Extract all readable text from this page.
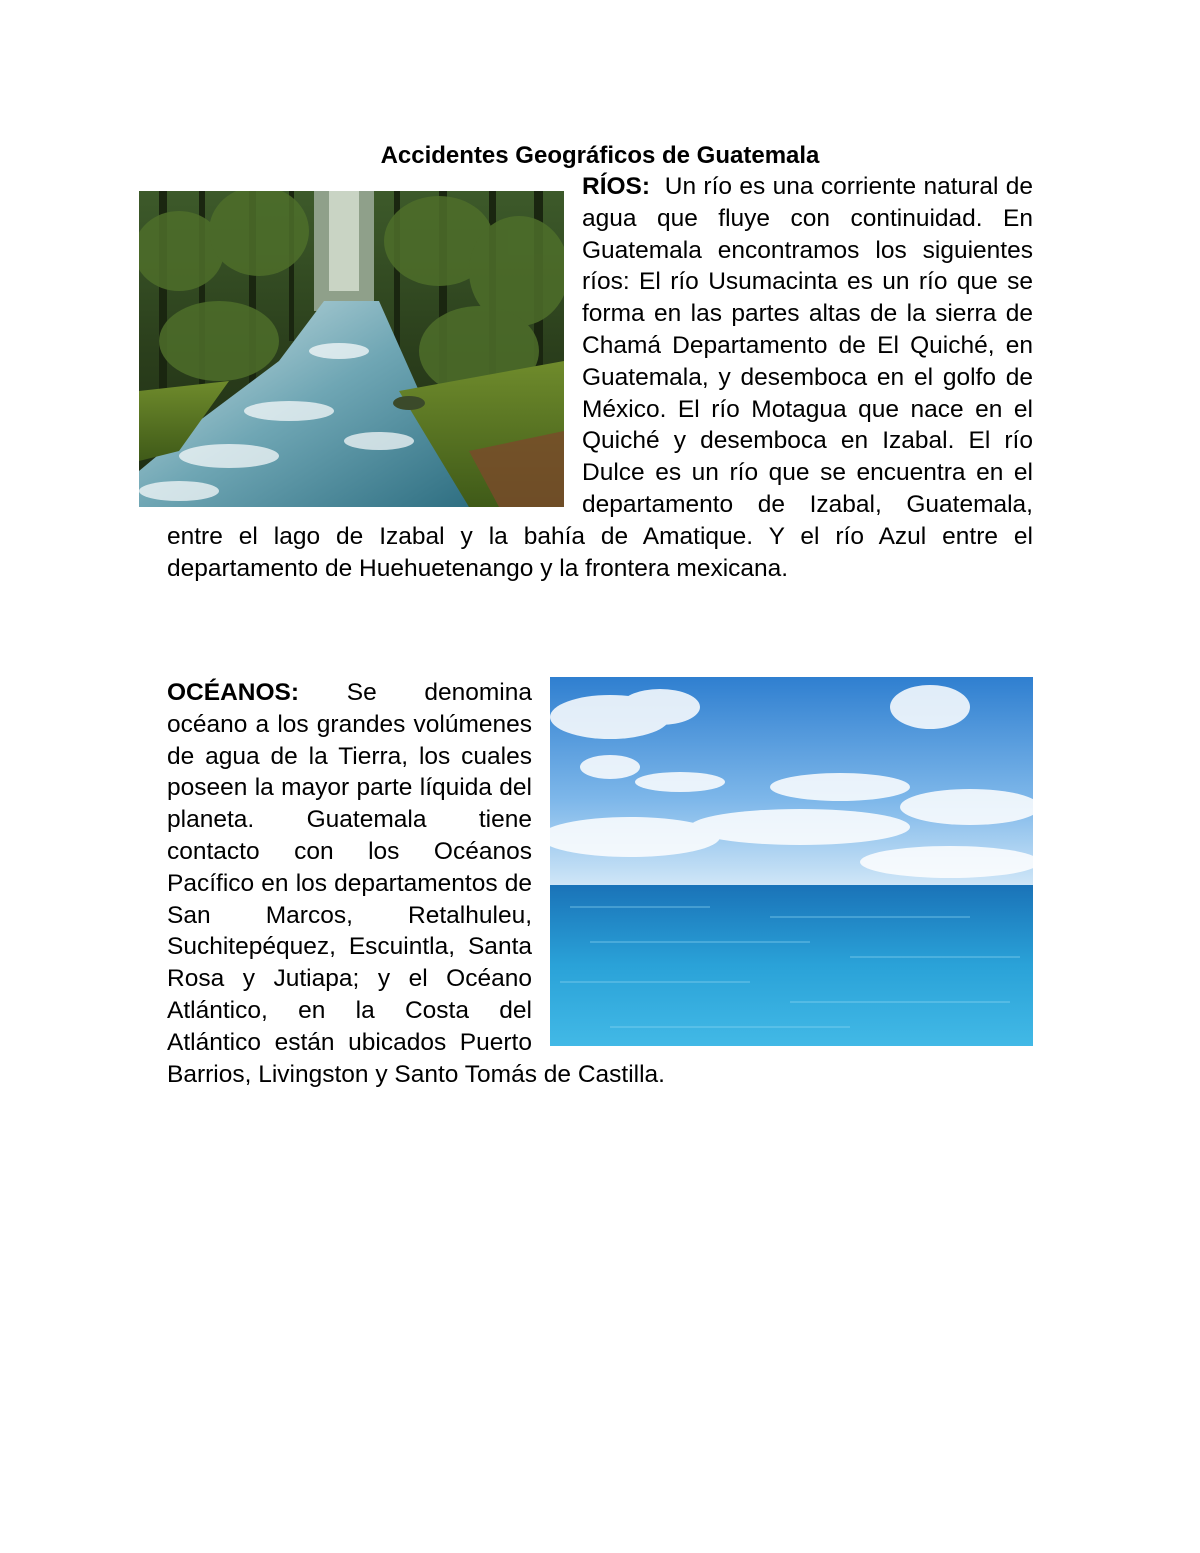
Accidentes Geográficos de Guatemala

RÍOS: Un río es una corriente natural de agua que fluye con continuidad. En Guatemala encontramos los siguientes ríos: El río Usumacinta es un río que se forma en las partes altas de la sierra de Chamá Departamento de El Quiché, en Guatemala, y desemboca en el golfo de México. El río Motagua que nace en el Quiché y desemboca en Izabal. El río Dulce es un río que se encuentra en el departamento de Izabal, Guatemala, entre el lago de Izabal y la bahía de Amatique. Y el río Azul entre el departamento de Huehuetenango y la frontera mexicana.

OCÉANOS: Se denomina océano a los grandes volúmenes de agua de la Tierra, los cuales poseen la mayor parte líquida del planeta. Guatemala tiene contacto con los Océanos Pacífico en los departamentos de San Marcos, Retalhuleu, Suchitepéquez, Escuintla, Santa Rosa y Jutiapa; y el Océano Atlántico, en la Costa del Atlántico están ubicados Puerto Barrios, Livingston y Santo Tomás de Castilla.
